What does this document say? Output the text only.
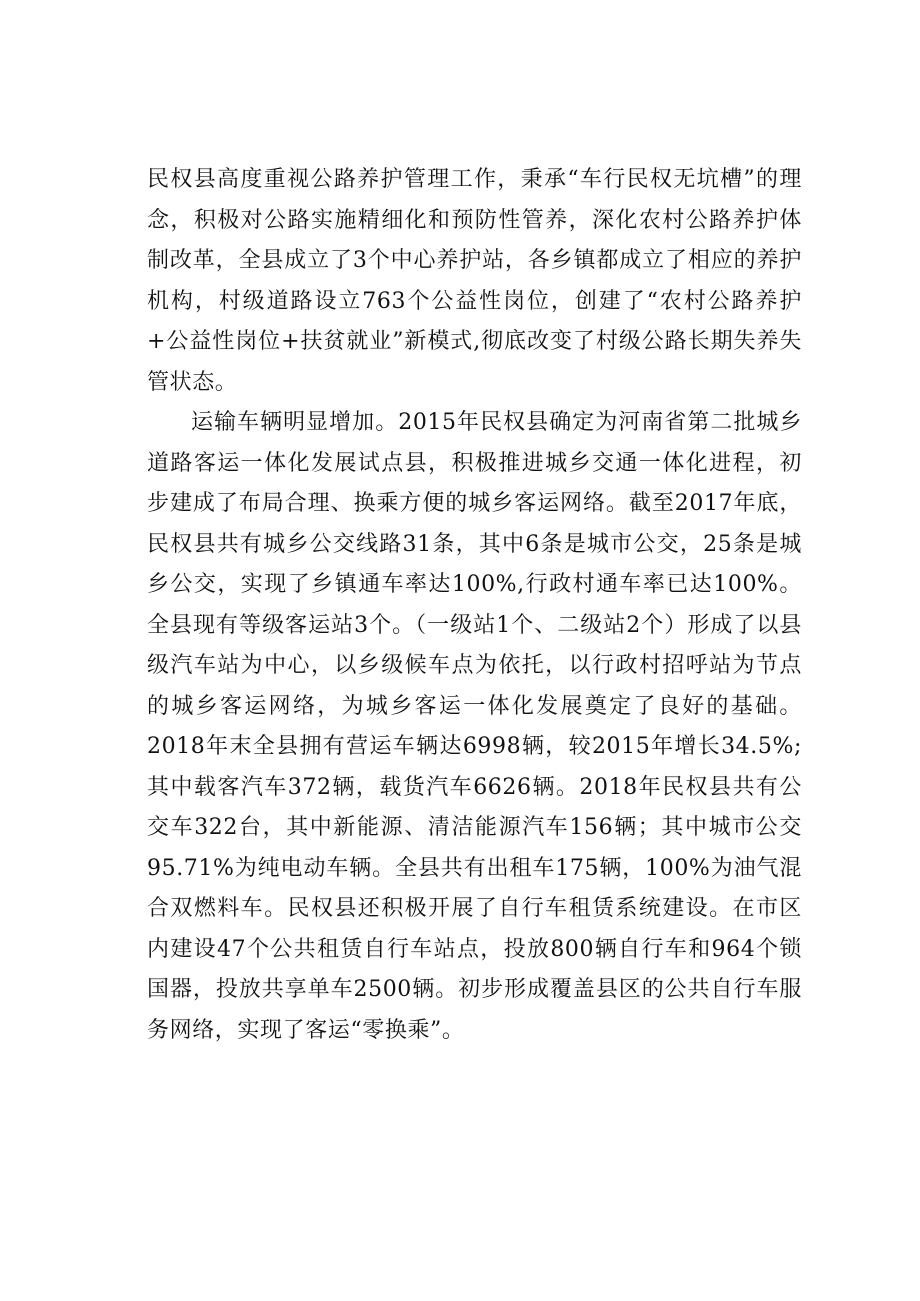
民权县高度重视公路养护管理工作，秉承“车行民权无坑槽”的理念，积极对公路实施精细化和预防性管养，深化农村公路养护体制改革，全县成立了3个中心养护站，各乡镇都成立了相应的养护机构，村级道路设立763个公益性岗位，创建了“农村公路养护+公益性岗位+扶贫就业”新模式,彻底改变了村级公路长期失养失管状态。

运输车辆明显增加。2015年民权县确定为河南省第二批城乡道路客运一体化发展试点县，积极推进城乡交通一体化进程，初步建成了布局合理、换乘方便的城乡客运网络。截至2017年底，民权县共有城乡公交线路31条，其中6条是城市公交，25条是城乡公交，实现了乡镇通车率达100%,行政村通车率已达100%。全县现有等级客运站3个。（一级站1个、二级站2个）形成了以县级汽车站为中心，以乡级候车点为依托，以行政村招呼站为节点的城乡客运网络，为城乡客运一体化发展奠定了良好的基础。2018年末全县拥有营运车辆达6998辆，较2015年增长34.5%;其中载客汽车372辆，载货汽车6626辆。2018年民权县共有公交车322台，其中新能源、清洁能源汽车156辆；其中城市公交95.71%为纯电动车辆。全县共有出租车175辆，100%为油气混合双燃料车。民权县还积极开展了自行车租赁系统建设。在市区内建设47个公共租赁自行车站点，投放800辆自行车和964个锁国器，投放共享单车2500辆。初步形成覆盖县区的公共自行车服务网络，实现了客运“零换乘”。
